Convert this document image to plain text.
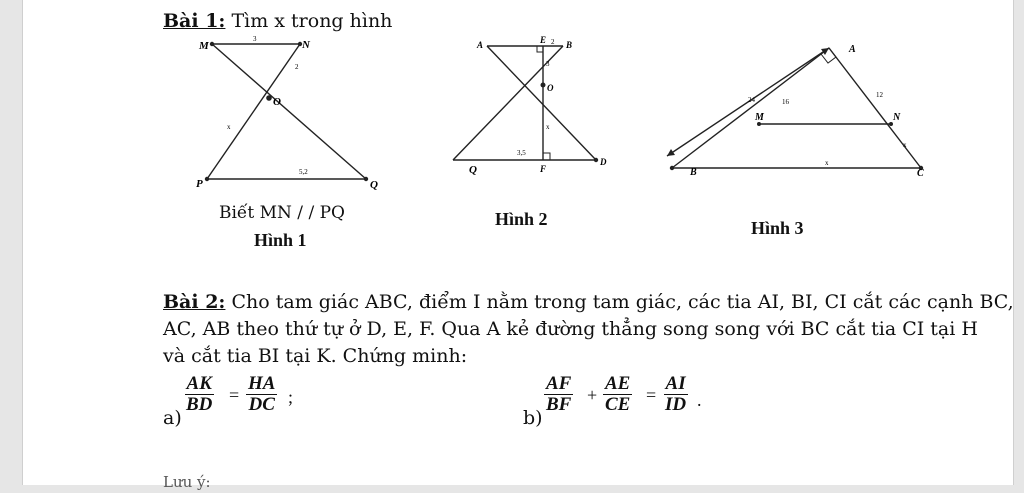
Bài 1: Tìm x trong hình
M	N
O
P	Q
3
2
x
5,2
Biết MN / / PQ
Hình 1
A	E B
O
Q	F
D
2
3
x
3,5
Hình 2
A
B
M	N
C
24	16
12
x
x
Hình 3
Bài 2: Cho tam giác ABC, điểm I nằm trong tam giác, các tia AI, BI, CI cắt các cạnh BC,
AC, AB theo thứ tự ở D, E, F. Qua A kẻ đường thẳng song song với BC cắt tia CI tại H
và cắt tia BI tại K. Chứng minh:
a)
$\frac{AK}{BD} = \frac{HA}{DC}$ ;
b)
$\frac{AF}{BF} + \frac{AE}{CE} = \frac{AI}{ID}$ .
Lưu ý:
